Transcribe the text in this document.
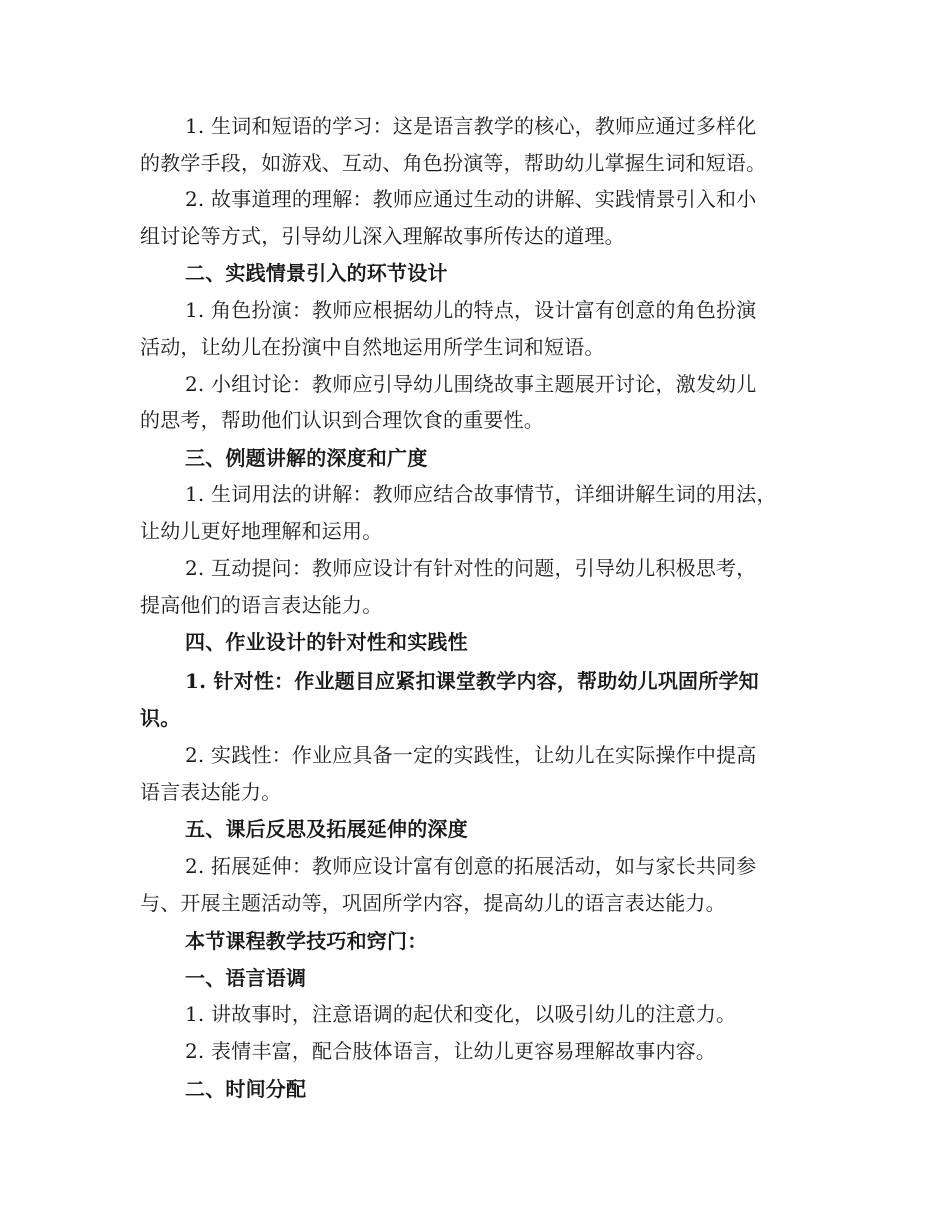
1. 生词和短语的学习：这是语言教学的核心，教师应通过多样化
的教学手段，如游戏、互动、角色扮演等，帮助幼儿掌握生词和短语。
2. 故事道理的理解：教师应通过生动的讲解、实践情景引入和小
组讨论等方式，引导幼儿深入理解故事所传达的道理。
二、实践情景引入的环节设计
1. 角色扮演：教师应根据幼儿的特点，设计富有创意的角色扮演
活动，让幼儿在扮演中自然地运用所学生词和短语。
2. 小组讨论：教师应引导幼儿围绕故事主题展开讨论，激发幼儿
的思考，帮助他们认识到合理饮食的重要性。
三、例题讲解的深度和广度
1. 生词用法的讲解：教师应结合故事情节，详细讲解生词的用法，
让幼儿更好地理解和运用。
2. 互动提问：教师应设计有针对性的问题，引导幼儿积极思考，
提高他们的语言表达能力。
四、作业设计的针对性和实践性
1. 针对性：作业题目应紧扣课堂教学内容，帮助幼儿巩固所学知
识。
2. 实践性：作业应具备一定的实践性，让幼儿在实际操作中提高
语言表达能力。
五、课后反思及拓展延伸的深度
2. 拓展延伸：教师应设计富有创意的拓展活动，如与家长共同参
与、开展主题活动等，巩固所学内容，提高幼儿的语言表达能力。
本节课程教学技巧和窍门：
一、语言语调
1. 讲故事时，注意语调的起伏和变化，以吸引幼儿的注意力。
2. 表情丰富，配合肢体语言，让幼儿更容易理解故事内容。
二、时间分配
